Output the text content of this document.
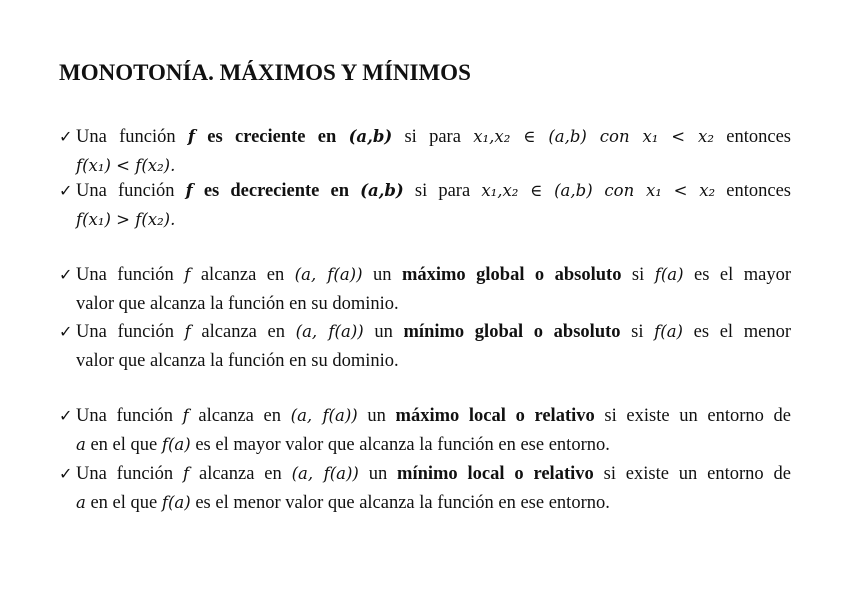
MONOTONÍA. MÁXIMOS Y MÍNIMOS
✓ Una función f es creciente en (a,b) si para x₁,x₂ ∈ (a,b) con x₁ < x₂ entonces
f(x₁) < f(x₂).
✓ Una función f es decreciente en (a,b) si para x₁,x₂ ∈ (a,b) con x₁ < x₂ entonces
f(x₁) > f(x₂).
✓ Una función f alcanza en (a, f(a)) un máximo global o absoluto si f(a) es el mayor
valor que alcanza la función en su dominio.
✓ Una función f alcanza en (a, f(a)) un mínimo global o absoluto si f(a) es el menor
valor que alcanza la función en su dominio.
✓ Una función f alcanza en (a, f(a)) un máximo local o relativo si existe un entorno de
a en el que f(a) es el mayor valor que alcanza la función en ese entorno.
✓ Una función f alcanza en (a, f(a)) un mínimo local o relativo si existe un entorno de
a en el que f(a) es el menor valor que alcanza la función en ese entorno.
